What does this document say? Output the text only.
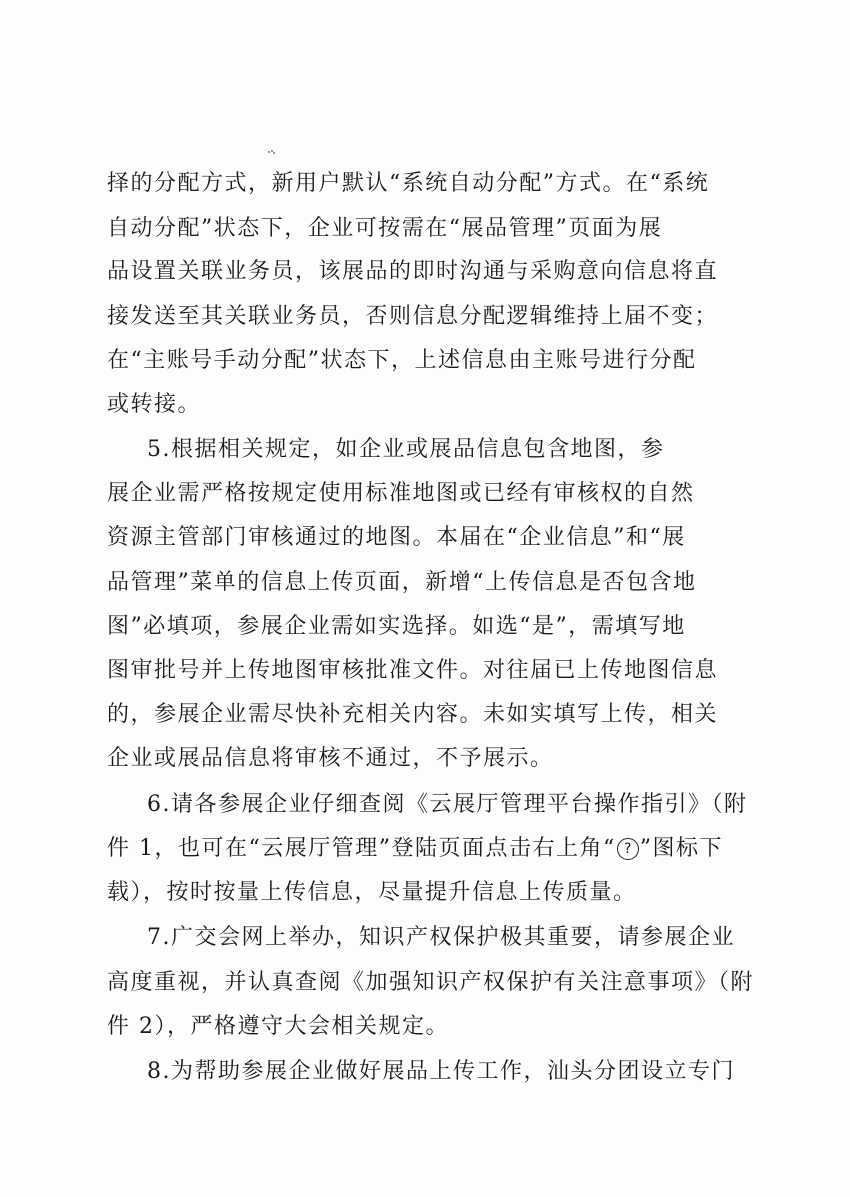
择的分配方式，新用户默认“系统自动分配”方式。在“系统
自动分配”状态下，企业可按需在“展品管理”页面为展
品设置关联业务员，该展品的即时沟通与采购意向信息将直
接发送至其关联业务员，否则信息分配逻辑维持上届不变；
在“主账号手动分配”状态下，上述信息由主账号进行分配
或转接。
5.根据相关规定，如企业或展品信息包含地图，参
展企业需严格按规定使用标准地图或已经有审核权的自然
资源主管部门审核通过的地图。本届在“企业信息”和“展
品管理”菜单的信息上传页面，新增“上传信息是否包含地
图”必填项，参展企业需如实选择。如选“是”，需填写地
图审批号并上传地图审核批准文件。对往届已上传地图信息
的，参展企业需尽快补充相关内容。未如实填写上传，相关
企业或展品信息将审核不通过，不予展示。
6.请各参展企业仔细查阅《云展厅管理平台操作指引》（附
件 1，也可在“云展厅管理”登陆页面点击右上角“ ? ”图标下
载），按时按量上传信息，尽量提升信息上传质量。
7.广交会网上举办，知识产权保护极其重要，请参展企业
高度重视，并认真查阅《加强知识产权保护有关注意事项》（附
件 2），严格遵守大会相关规定。
8.为帮助参展企业做好展品上传工作，汕头分团设立专门
